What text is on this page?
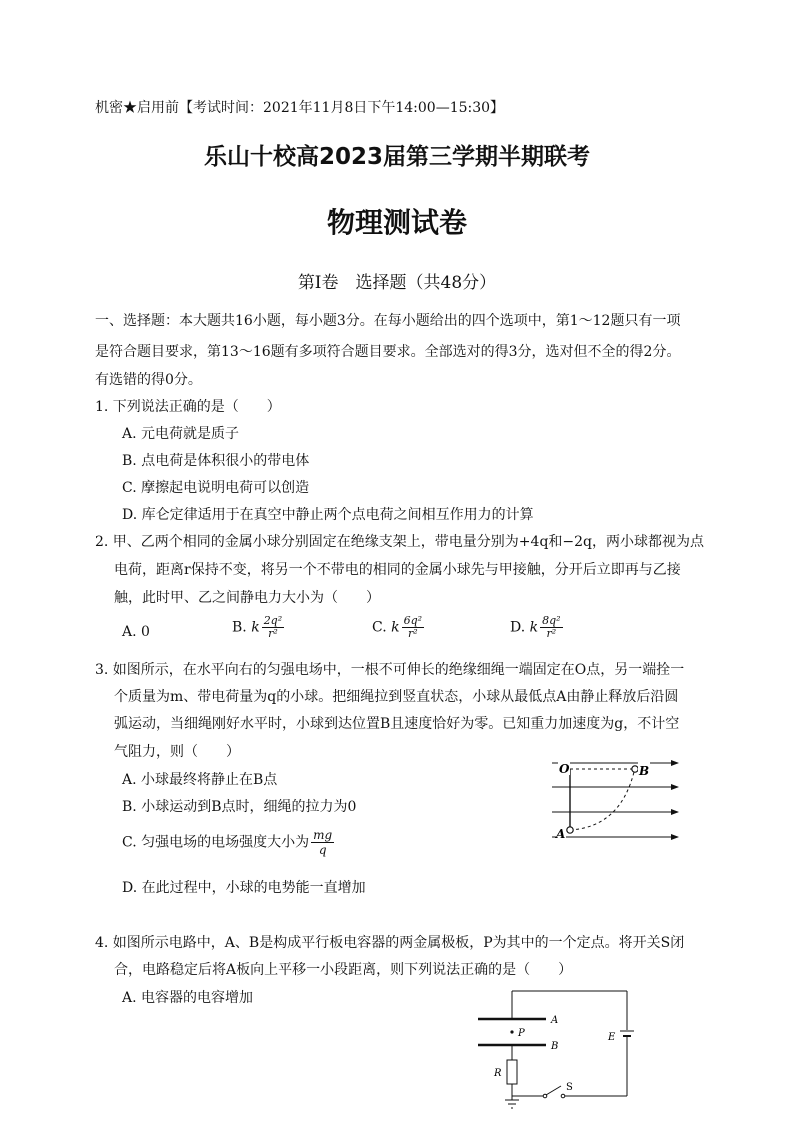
机密★启用前【考试时间：2021年11月8日下午14:00—15:30】
乐山十校高2023届第三学期半期联考
物理测试卷
第Ⅰ卷　选择题（共48分）
一、选择题：本大题共16小题，每小题3分。在每小题给出的四个选项中，第1～12题只有一项
是符合题目要求，第13～16题有多项符合题目要求。全部选对的得3分，选对但不全的得2分。
有选错的得0分。
1. 下列说法正确的是（　　）
A. 元电荷就是质子
B. 点电荷是体积很小的带电体
C. 摩擦起电说明电荷可以创造
D. 库仑定律适用于在真空中静止两个点电荷之间相互作用力的计算
2. 甲、乙两个相同的金属小球分别固定在绝缘支架上，带电量分别为+4q和−2q，两小球都视为点
电荷，距离r保持不变，将另一个不带电的相同的金属小球先与甲接触，分开后立即再与乙接
触，此时甲、乙之间静电力大小为（　　）
A. 0	B. k $\frac{\text{2q²}}{\text{r²}}$	C. k $\frac{\text{6q²}}{\text{r²}}$	D. k $\frac{\text{8q²}}{\text{r²}}$
3. 如图所示，在水平向右的匀强电场中，一根不可伸长的绝缘细绳一端固定在O点，另一端拴一
个质量为m、带电荷量为q的小球。把细绳拉到竖直状态，小球从最低点A由静止释放后沿圆
弧运动，当细绳刚好水平时，小球到达位置B且速度恰好为零。已知重力加速度为g，不计空
气阻力，则（　　）
A. 小球最终将静止在B点
B. 小球运动到B点时，细绳的拉力为0
C. 匀强电场的电场强度大小为 $\frac{mg}{q}$
D. 在此过程中，小球的电势能一直增加
O	B
A
4. 如图所示电路中，A、B是构成平行板电容器的两金属极板，P为其中的一个定点。将开关S闭
合，电路稳定后将A板向上平移一小段距离，则下列说法正确的是（　　）
A. 电容器的电容增加
A
P
B
R
S
E
